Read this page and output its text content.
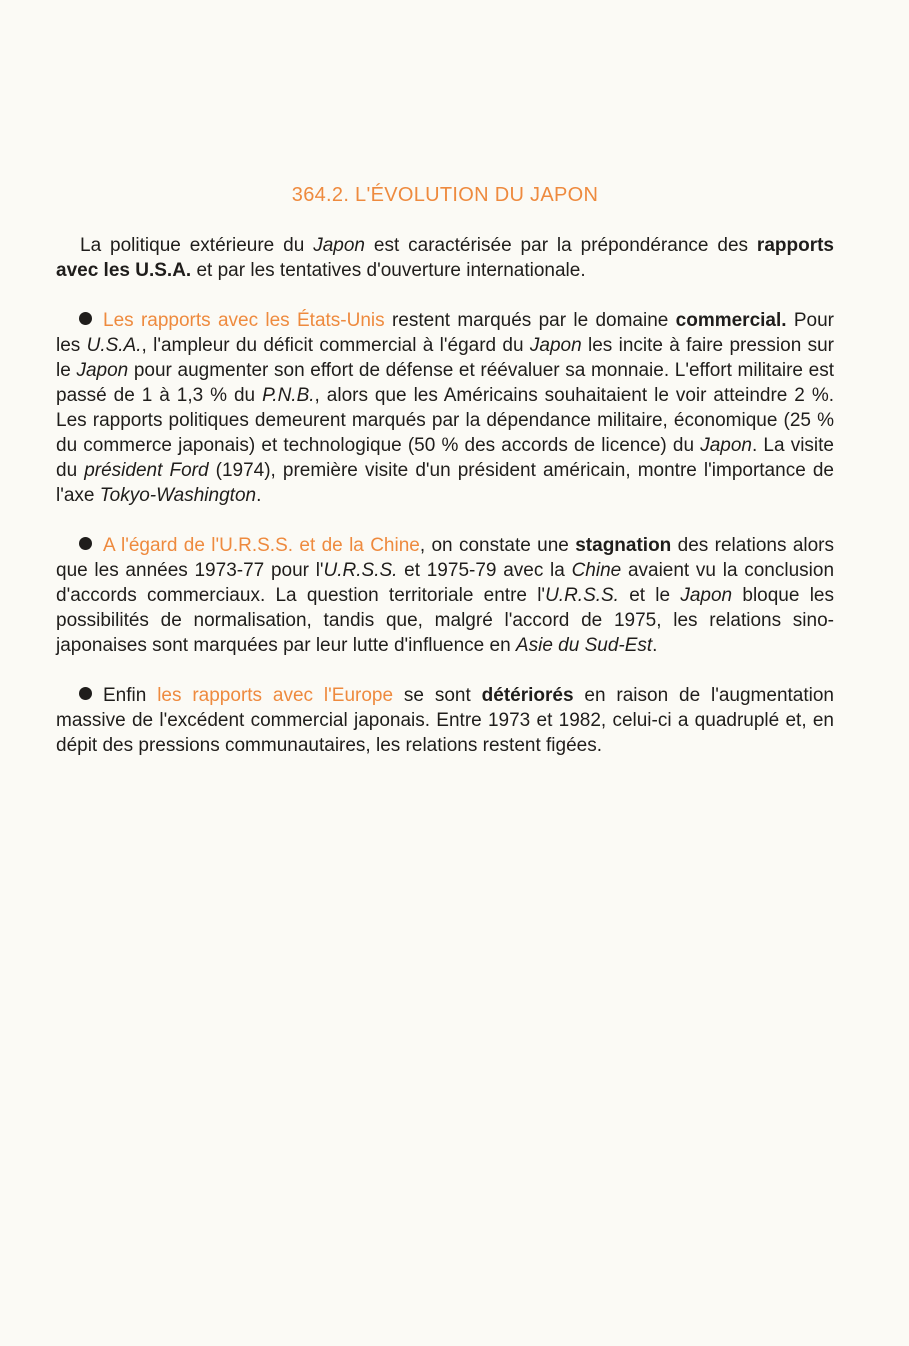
364.2. L'ÉVOLUTION DU JAPON

La politique extérieure du Japon est caractérisée par la prépondérance des rapports avec les U.S.A. et par les tentatives d'ouverture internationale.

Les rapports avec les États-Unis restent marqués par le domaine commercial. Pour les U.S.A., l'ampleur du déficit commercial à l'égard du Japon les incite à faire pression sur le Japon pour augmenter son effort de défense et réévaluer sa monnaie. L'effort militaire est passé de 1 à 1,3 % du P.N.B., alors que les Américains souhaitaient le voir atteindre 2 %. Les rapports politiques demeurent marqués par la dépendance militaire, économique (25 % du commerce japonais) et technologique (50 % des accords de licence) du Japon. La visite du président Ford (1974), première visite d'un président américain, montre l'importance de l'axe Tokyo-Washington.

A l'égard de l'U.R.S.S. et de la Chine, on constate une stagnation des relations alors que les années 1973-77 pour l'U.R.S.S. et 1975-79 avec la Chine avaient vu la conclusion d'accords commerciaux. La question territoriale entre l'U.R.S.S. et le Japon bloque les possibilités de normalisation, tandis que, malgré l'accord de 1975, les relations sino-japonaises sont marquées par leur lutte d'influence en Asie du Sud-Est.

Enfin les rapports avec l'Europe se sont détériorés en raison de l'augmentation massive de l'excédent commercial japonais. Entre 1973 et 1982, celui-ci a quadruplé et, en dépit des pressions communautaires, les relations restent figées.
